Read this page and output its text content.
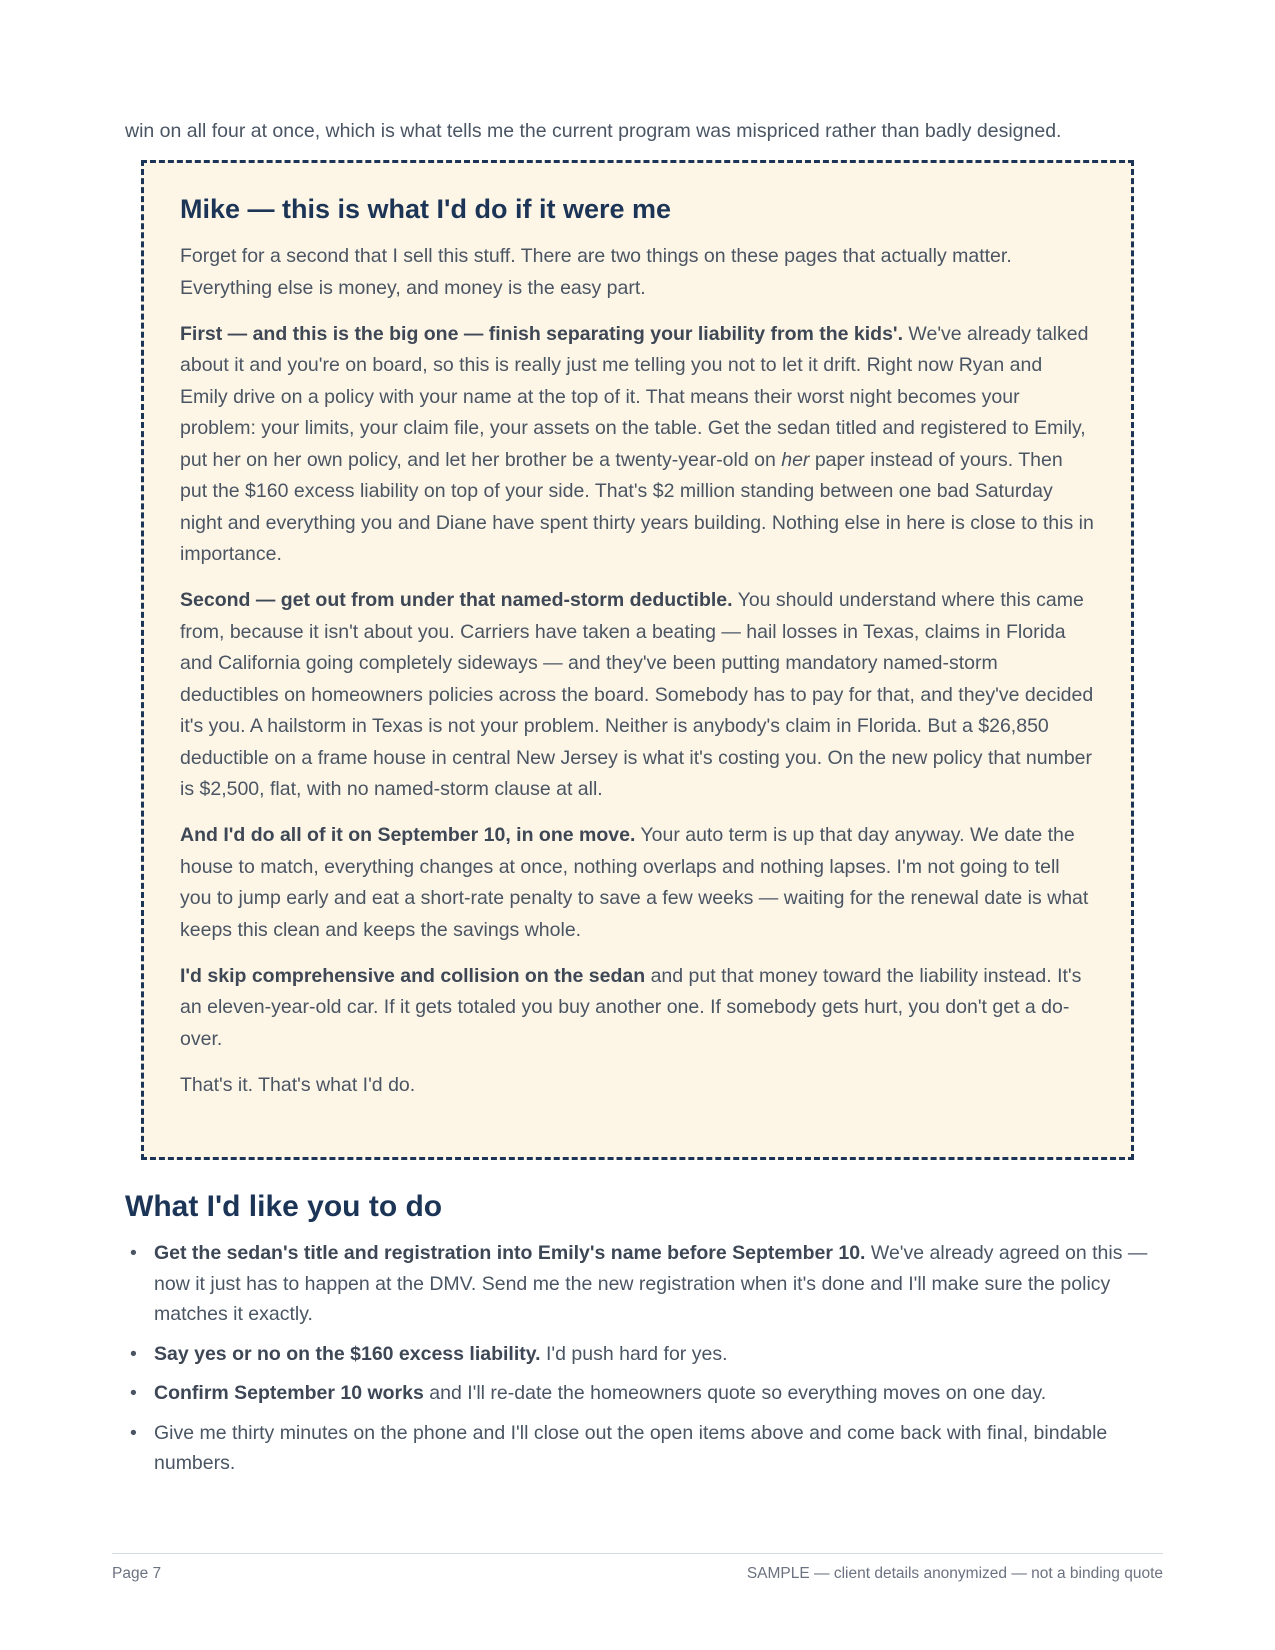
win on all four at once, which is what tells me the current program was mispriced rather than badly designed.

Mike — this is what I'd do if it were me

Forget for a second that I sell this stuff. There are two things on these pages that actually matter. Everything else is money, and money is the easy part.

First — and this is the big one — finish separating your liability from the kids'. We've already talked about it and you're on board, so this is really just me telling you not to let it drift. Right now Ryan and Emily drive on a policy with your name at the top of it. That means their worst night becomes your problem: your limits, your claim file, your assets on the table. Get the sedan titled and registered to Emily, put her on her own policy, and let her brother be a twenty-year-old on her paper instead of yours. Then put the $160 excess liability on top of your side. That's $2 million standing between one bad Saturday night and everything you and Diane have spent thirty years building. Nothing else in here is close to this in importance.

Second — get out from under that named-storm deductible. You should understand where this came from, because it isn't about you. Carriers have taken a beating — hail losses in Texas, claims in Florida and California going completely sideways — and they've been putting mandatory named-storm deductibles on homeowners policies across the board. Somebody has to pay for that, and they've decided it's you. A hailstorm in Texas is not your problem. Neither is anybody's claim in Florida. But a $26,850 deductible on a frame house in central New Jersey is what it's costing you. On the new policy that number is $2,500, flat, with no named-storm clause at all.

And I'd do all of it on September 10, in one move. Your auto term is up that day anyway. We date the house to match, everything changes at once, nothing overlaps and nothing lapses. I'm not going to tell you to jump early and eat a short-rate penalty to save a few weeks — waiting for the renewal date is what keeps this clean and keeps the savings whole.

I'd skip comprehensive and collision on the sedan and put that money toward the liability instead. It's an eleven-year-old car. If it gets totaled you buy another one. If somebody gets hurt, you don't get a do-over.

That's it. That's what I'd do.

What I'd like you to do
• Get the sedan's title and registration into Emily's name before September 10. We've already agreed on this — now it just has to happen at the DMV. Send me the new registration when it's done and I'll make sure the policy matches it exactly.
• Say yes or no on the $160 excess liability. I'd push hard for yes.
• Confirm September 10 works and I'll re-date the homeowners quote so everything moves on one day.
• Give me thirty minutes on the phone and I'll close out the open items above and come back with final, bindable numbers.
Page 7	SAMPLE — client details anonymized — not a binding quote
